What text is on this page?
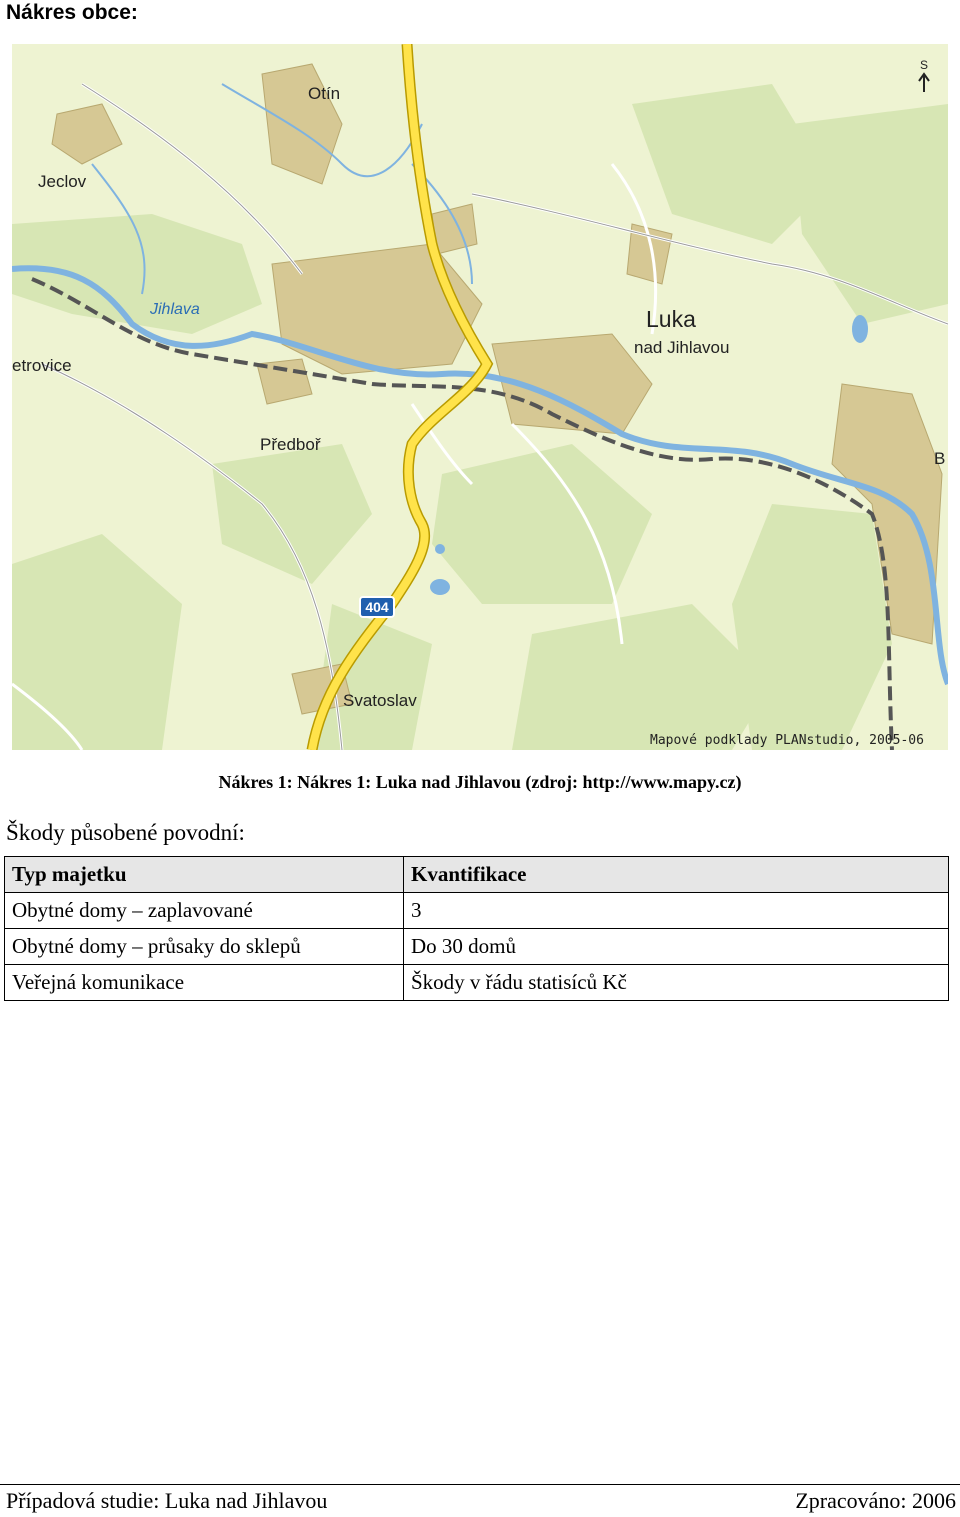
Nákres obce:
404
S
Otín
Jeclov
Jihlava	Luka
nad Jihlavou
etrovice
Předboř
Svatoslav
B
Mapové podklady PLANstudio, 2005-06
Nákres 1: Nákres 1: Luka nad Jihlavou (zdroj: http://www.mapy.cz)
Škody působené povodní:
Typ majetku	Kvantifikace
Obytné domy – zaplavované	3
Obytné domy – průsaky do sklepů	Do 30 domů
Veřejná komunikace	Škody v řádu statisíců Kč
Případová studie: Luka nad Jihlavou	Zpracováno: 2006
